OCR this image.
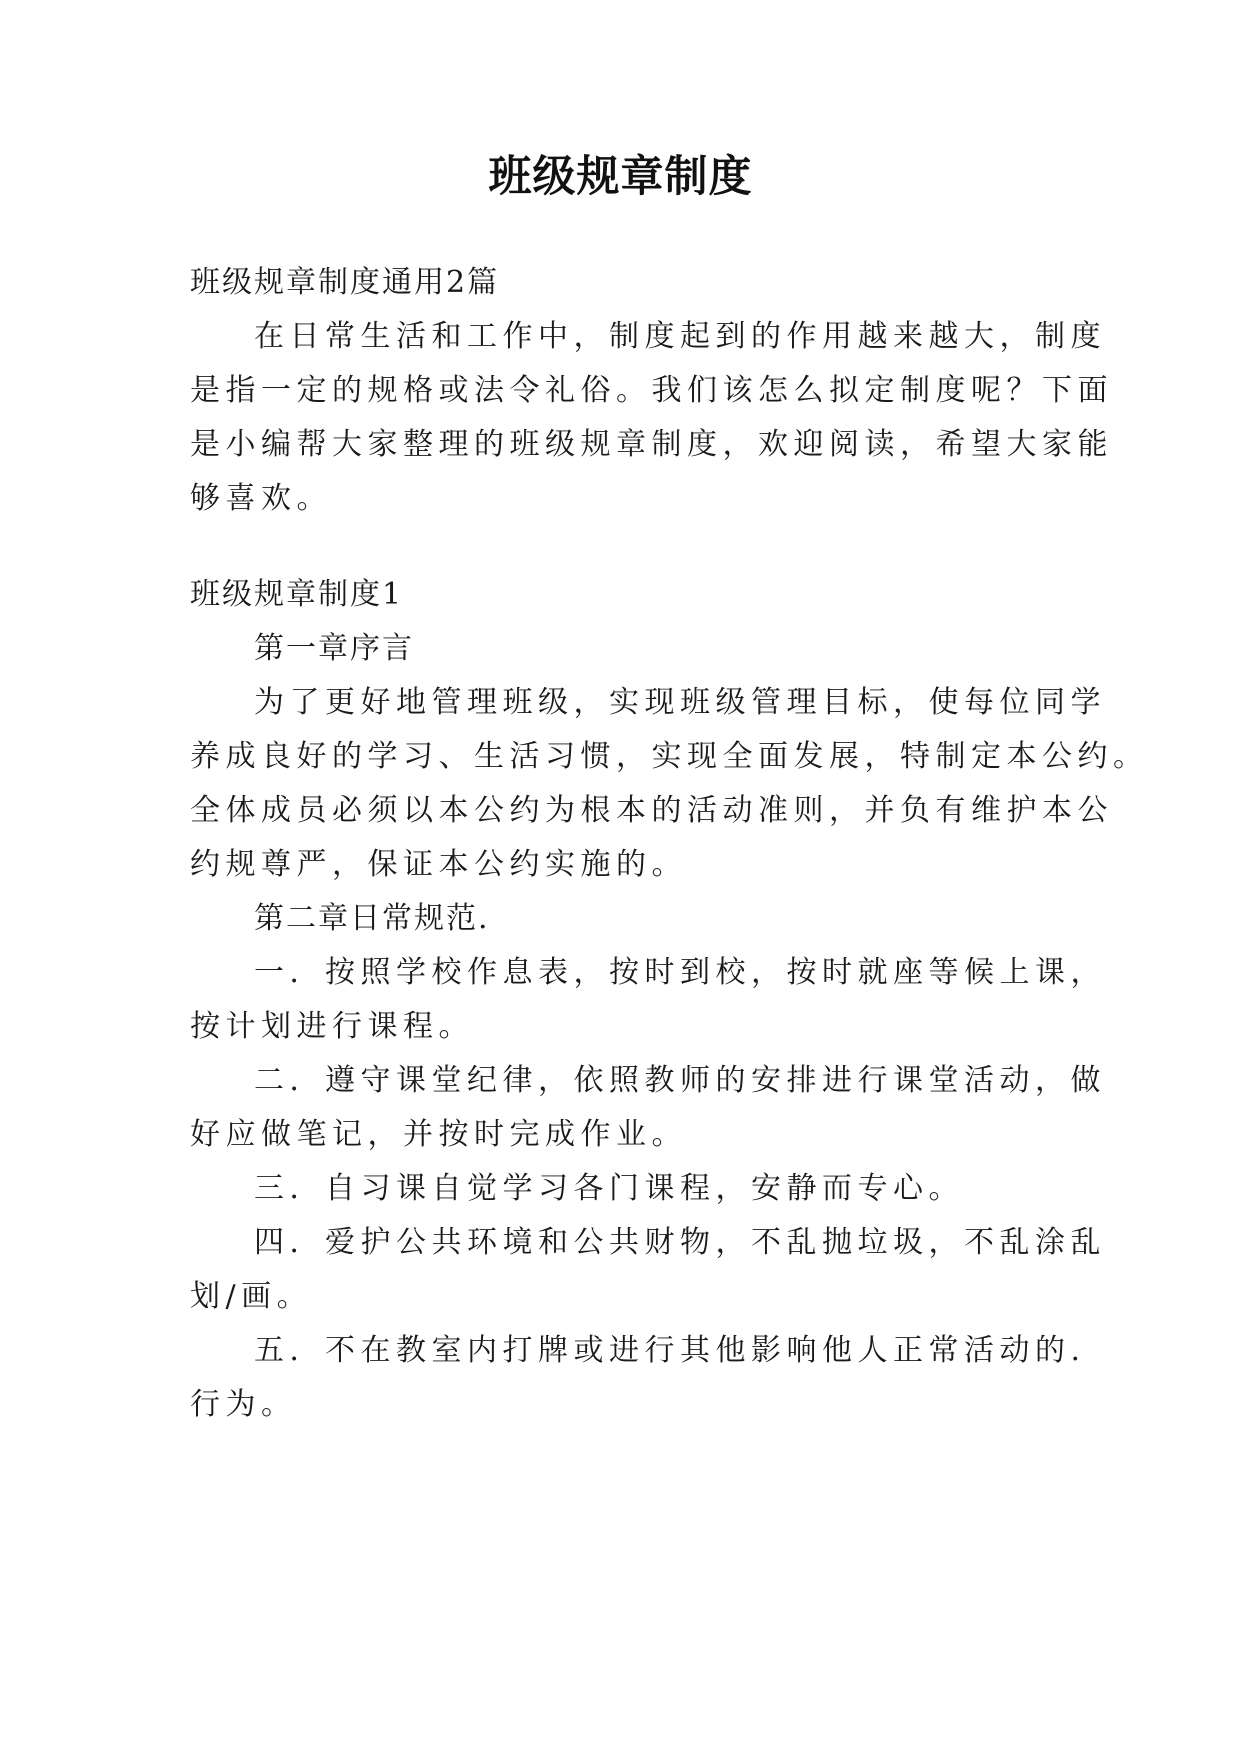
班级规章制度
班级规章制度通用2篇
在日常生活和工作中，制度起到的作用越来越大，制度
是指一定的规格或法令礼俗。我们该怎么拟定制度呢？下面
是小编帮大家整理的班级规章制度，欢迎阅读，希望大家能
够喜欢。
班级规章制度1
第一章序言
为了更好地管理班级，实现班级管理目标，使每位同学
养成良好的学习、生活习惯，实现全面发展，特制定本公约。
全体成员必须以本公约为根本的活动准则，并负有维护本公
约规尊严，保证本公约实施的。
第二章日常规范.
一．按照学校作息表，按时到校，按时就座等候上课，
按计划进行课程。
二．遵守课堂纪律，依照教师的安排进行课堂活动，做
好应做笔记，并按时完成作业。
三．自习课自觉学习各门课程，安静而专心。
四．爱护公共环境和公共财物，不乱抛垃圾，不乱涂乱
划/画。
五．不在教室内打牌或进行其他影响他人正常活动的.
行为。
